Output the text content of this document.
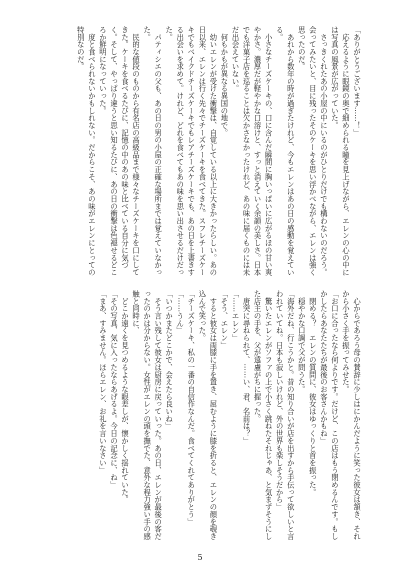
「ありがとうございます……！」
　応えるように眼鏡の奥で細められる瞳を見上げながら、エレンの心の中には写真の風景が広がっていた。
　さっきくれたあの小屋の中にいるのがひとりだけでも構わないのだろう。会ってみたいと、目に残ったそのケーキを思い浮かべながら、エレンは強く思ったのだ。
　あれから数年の時が過ぎたけれど、今もエレンはあの日の感動を覚えている。
　小さなチーズケーキの、口に含んだ瞬間に胸いっぱいに広がるほの甘い爽やかさ。濃厚だが軽やかな口溶けと、すっと消えていく余韻の美しさ。日本でも洋菓子店を巡ることは欠かさなかったけれど、あの味に届くものには未だ出会えていない。
　何もかもが異なる異国の地で。
　幼いエレンが受けた衝撃は、自覚している以上に大きかったらしい。あの日以来、エレンは行く先々でチーズケーキを食べてきた。スフレチーズケーキでもベイクドチーズケーキでもレアチーズケーキでも、あの日を上書きする出会いを求めて。けれど、どれを食べてもあの味を思い出させるだけだった。
　パティシエの父も、あの日の男の小屋の正確な場所までは覚えていなかった。
　民的な値段のものから有名店の高級品まで様々なチーズケーキを口にしてきた。ケーキを食べるたびに、記憶の中のあの味と比べている自分に気づく。そして、やっぱり違うと思い知るたびに、あの日の衝撃は色褪せるどころか鮮明になっていった。
　度と食べられないかもしれない。だからこそ、あの味がエレンにとっての特別なのだ。
　心からであろう母の賛辞に少しはにかんだように笑った彼女は頷き、それから小さく手を振ってみせた。
「お口に合ったなら何よりです。だけど、この店はもう閉めるんです。もしかしたらあなたたちが最後のお客さんかもね」
　閉める？　エレンの質問に、彼女はゆっくりと首を振った。
　穏やかな口調で父が問うた。
「海外だね、行こうかと。昔の知り合いが店を出すから手伝って欲しいと言われていてね。日本も寂しいけれど、外の世界も楽しそうだから」
　驚いたエレンがソファの上で小さく跳ねたそれじゃあ、と気まずそうにした店主の手を、父が遠慮がちに握った。
　唐突に尋ねられて、……い、君、名前は？」
「……エレン」
「そう、エレン」
　すると彼女は両膝に手を置き、屈むように膝を折ると、エレンの顔を覗き込んで笑った。
「チーズケーキ、私の一番の自信作なんだ。食べてくれてありがとう」
「……うん」
「いつかまたどこかで、会えたら良いね」
　そう言い残して彼女は厨房に戻っていった。あの日、エレンが最後の客だったのかは分からない。女性がエレンの頭を撫でた、意外な程力強い手の感触と同時に、
　どこか遠くを見つめるような眼差しが、懐かしく揺れていた。
「その写真、気に入ったならあげるよ。今日の記念に、ね」
「まあ、すみません。ほらエレン、お礼を言いなさい」
5
